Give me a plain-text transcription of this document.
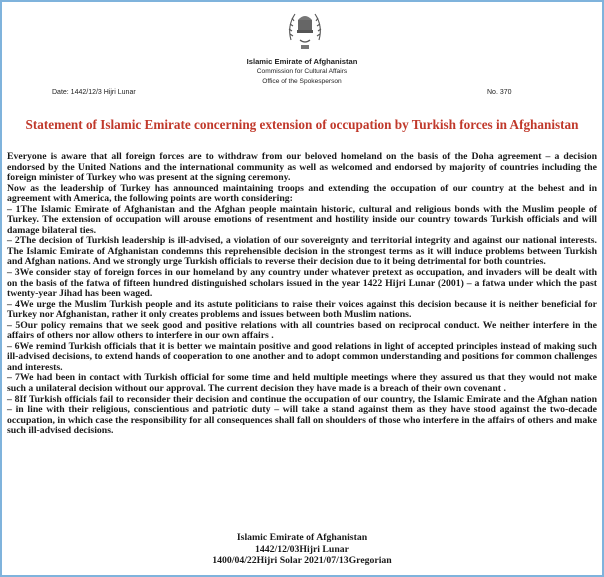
Islamic Emirate of Afghanistan
Commission for Cultural Affairs
Office of the Spokesperson
Date: 1442/12/3 Hijri Lunar	No. 370
Statement of Islamic Emirate concerning extension of occupation by Turkish forces in Afghanistan

Everyone is aware that all foreign forces are to withdraw from our beloved homeland on the basis of the Doha agreement – a decision endorsed by the United Nations and the international community as well as welcomed and endorsed by majority of countries including the foreign minister of Turkey who was present at the signing ceremony.

Now as the leadership of Turkey has announced maintaining troops and extending the occupation of our country at the behest and in agreement with America, the following points are worth considering:

– 1The Islamic Emirate of Afghanistan and the Afghan people maintain historic, cultural and religious bonds with the Muslim people of Turkey. The extension of occupation will arouse emotions of resentment and hostility inside our country towards Turkish officials and will damage bilateral ties.

– 2The decision of Turkish leadership is ill-advised, a violation of our sovereignty and territorial integrity and against our national interests. The Islamic Emirate of Afghanistan condemns this reprehensible decision in the strongest terms as it will induce problems between Turkish and Afghan nations. And we strongly urge Turkish officials to reverse their decision due to it being detrimental for both countries.

– 3We consider stay of foreign forces in our homeland by any country under whatever pretext as occupation, and invaders will be dealt with on the basis of the fatwa of fifteen hundred distinguished scholars issued in the year 1422 Hijri Lunar (2001) – a fatwa under which the past twenty-year Jihad has been waged.

– 4We urge the Muslim Turkish people and its astute politicians to raise their voices against this decision because it is neither beneficial for Turkey nor Afghanistan, rather it only creates problems and issues between both Muslim nations.

– 5Our policy remains that we seek good and positive relations with all countries based on reciprocal conduct. We neither interfere in the affairs of others nor allow others to interfere in our own affairs .

– 6We remind Turkish officials that it is better we maintain positive and good relations in light of accepted principles instead of making such ill-advised decisions, to extend hands of cooperation to one another and to adopt common understanding and positions for common challenges and interests.

– 7We had been in contact with Turkish official for some time and held multiple meetings where they assured us that they would not make such a unilateral decision without our approval. The current decision they have made is a breach of their own covenant .

– 8If Turkish officials fail to reconsider their decision and continue the occupation of our country, the Islamic Emirate and the Afghan nation – in line with their religious, conscientious and patriotic duty – will take a stand against them as they have stood against the two-decade occupation, in which case the responsibility for all consequences shall fall on shoulders of those who interfere in the affairs of others and make such ill-advised decisions.

Islamic Emirate of Afghanistan
1442/12/03Hijri Lunar
1400/04/22Hijri Solar 2021/07/13Gregorian
